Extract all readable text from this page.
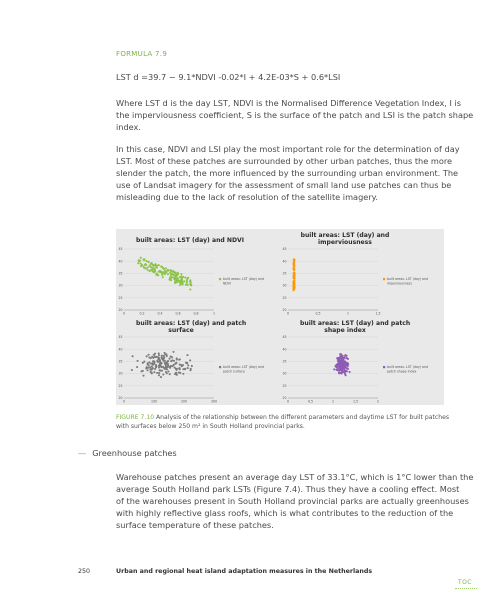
FORMULA 7.9
LST d =39.7 − 9.1*NDVI -0.02*I + 4.2E-03*S + 0.6*LSI
Where LST d is the day LST, NDVI is the Normalised Difference Vegetation Index, I is
the imperviousness coefficient, S is the surface of the patch and LSI is the patch shape
index.
In this case, NDVI and LSI play the most important role for the determination of day
LST. Most of these patches are surrounded by other urban patches, thus the more
slender the patch, the more influenced by the surrounding urban environment. The
use of Landsat imagery for the assessment of small land use patches can thus be
misleading due to the lack of resolution of the satellite imagery.
built areas: LST (day) and NDVI
20
25
30
35
40
45
0	0,2	0,4	0,6	0,8	1
built areas: LST (day) and
NDVI
built areas: LST (day) and
imperviousness
20
25
30
35
40
45
0	0,5	1	1,5
built areas: LST (day) and
imperviousness
built areas: LST (day) and patch
surface
20
25
30
35
40
45
0	100	200	300
built areas: LST (day) and
patch surface
built areas: LST (day) and patch
shape index
20
25
30
35
40
45
0	0,5	1	1,5	2
built areas: LST (day) and
patch shape index
FIGURE 7.10 Analysis of the relationship between the different parameters and daytime LST for built patches
with surfaces below 250 m² in South Holland provincial parks.
— Greenhouse patches
Warehouse patches present an average day LST of 33.1°C, which is 1°C lower than the
average South Holland park LSTs (Figure 7.4). Thus they have a cooling effect. Most
of the warehouses present in South Holland provincial parks are actually greenhouses
with highly reflective glass roofs, which is what contributes to the reduction of the
surface temperature of these patches.
250	Urban and regional heat island adaptation measures in the Netherlands
TOC
